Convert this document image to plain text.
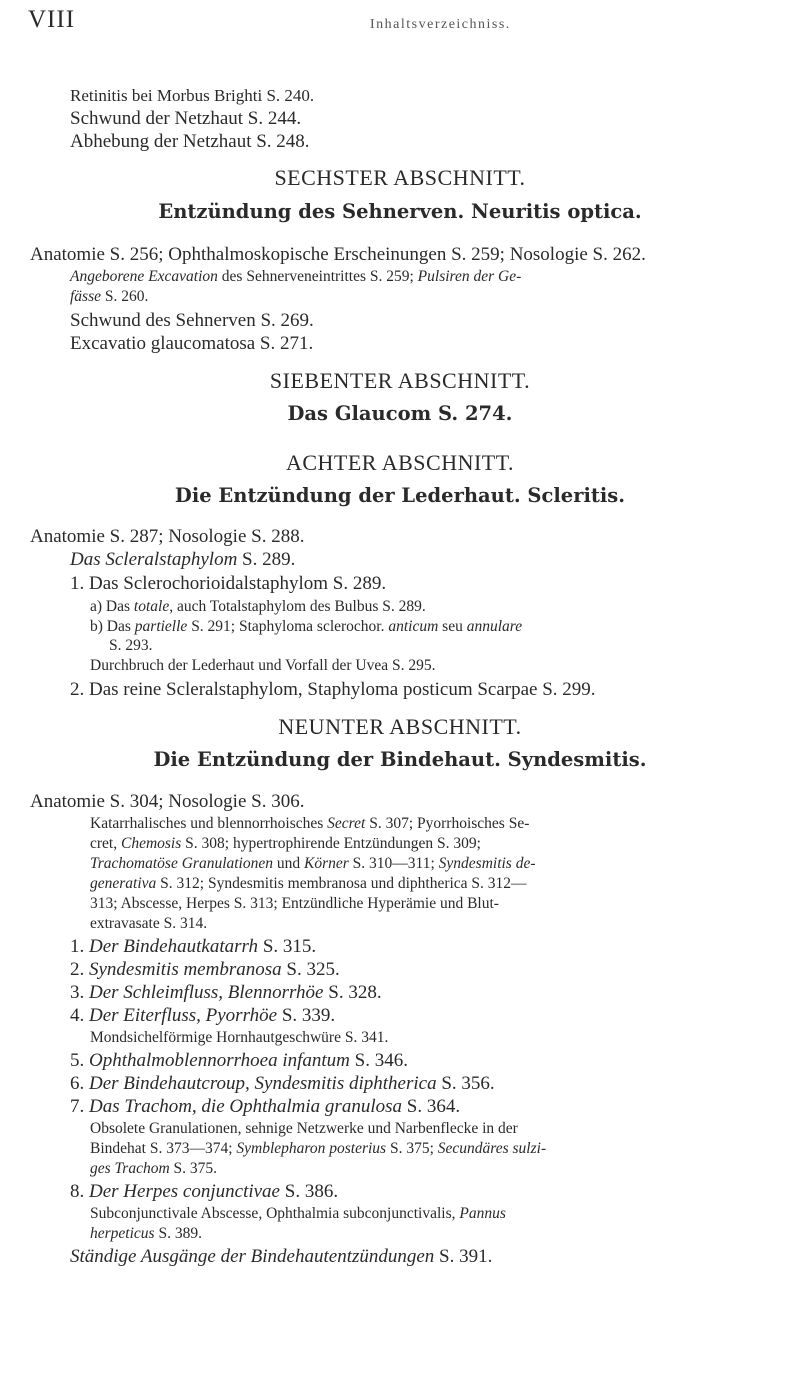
VIII	Inhaltsverzeichniss.
Retinitis bei Morbus Brighti S. 240.
Schwund der Netzhaut S. 244.
Abhebung der Netzhaut S. 248.
SECHSTER ABSCHNITT.
Entzündung des Sehnerven. Neuritis optica.
Anatomie S. 256; Ophthalmoskopische Erscheinungen S. 259; Nosologie S. 262.
Angeborene Excavation des Sehnerveneintrittes S. 259; Pulsiren der Ge-
fässe S. 260.
Schwund des Sehnerven S. 269.
Excavatio glaucomatosa S. 271.
SIEBENTER ABSCHNITT.
Das Glaucom S. 274.
ACHTER ABSCHNITT.
Die Entzündung der Lederhaut. Scleritis.
Anatomie S. 287; Nosologie S. 288.
Das Scleralstaphylom S. 289.
1. Das Sclerochorioidalstaphylom S. 289.
a) Das totale, auch Totalstaphylom des Bulbus S. 289.
b) Das partielle S. 291; Staphyloma sclerochor. anticum seu annulare
S. 293.
Durchbruch der Lederhaut und Vorfall der Uvea S. 295.
2. Das reine Scleralstaphylom, Staphyloma posticum Scarpae S. 299.
NEUNTER ABSCHNITT.
Die Entzündung der Bindehaut. Syndesmitis.
Anatomie S. 304; Nosologie S. 306.
Katarrhalisches und blennorrhoisches Secret S. 307; Pyorrhoisches Se-
cret, Chemosis S. 308; hypertrophirende Entzündungen S. 309;
Trachomatöse Granulationen und Körner S. 310—311; Syndesmitis de-
generativa S. 312; Syndesmitis membranosa und diphtherica S. 312—
313; Abscesse, Herpes S. 313; Entzündliche Hyperämie und Blut-
extravasate S. 314.
1. Der Bindehautkatarrh S. 315.
2. Syndesmitis membranosa S. 325.
3. Der Schleimfluss, Blennorrhöe S. 328.
4. Der Eiterfluss, Pyorrhöe S. 339.
Mondsichelförmige Hornhautgeschwüre S. 341.
5. Ophthalmoblennorrhoea infantum S. 346.
6. Der Bindehautcroup, Syndesmitis diphtherica S. 356.
7. Das Trachom, die Ophthalmia granulosa S. 364.
Obsolete Granulationen, sehnige Netzwerke und Narbenflecke in der
Bindehat S. 373—374; Symblepharon posterius S. 375; Secundäres sulzi-
ges Trachom S. 375.
8. Der Herpes conjunctivae S. 386.
Subconjunctivale Abscesse, Ophthalmia subconjunctivalis, Pannus
herpeticus S. 389.
Ständige Ausgänge der Bindehautentzündungen S. 391.
